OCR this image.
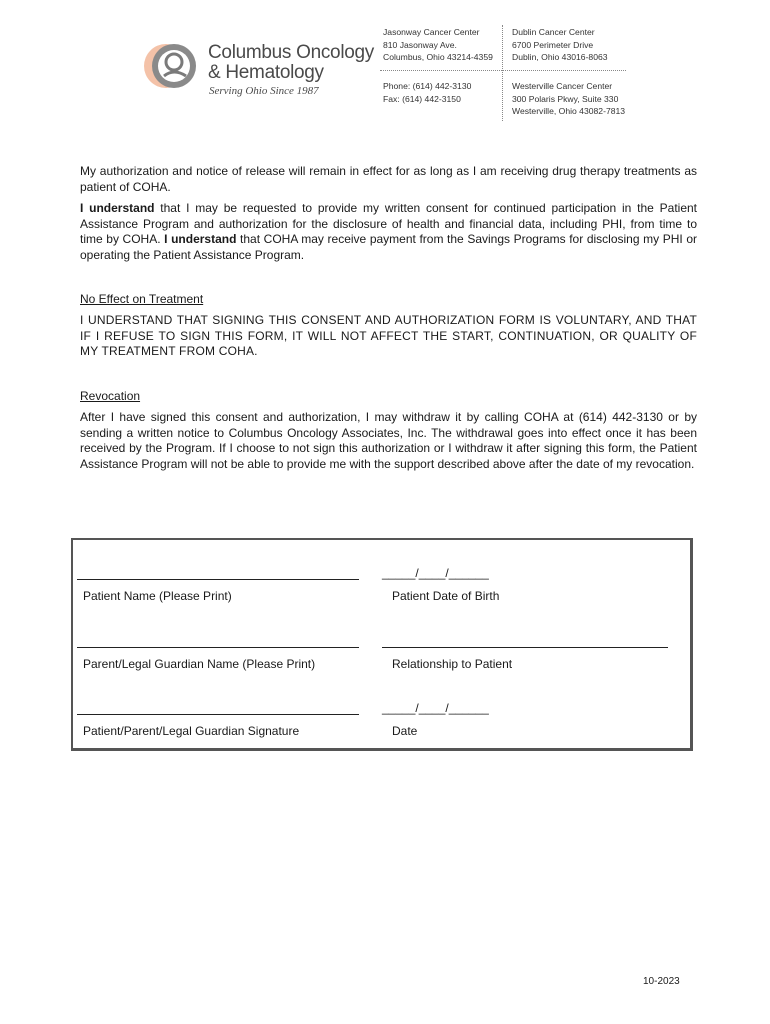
Columbus Oncology
& Hematology
Serving Ohio Since 1987
Jasonway Cancer Center
810 Jasonway Ave.
Columbus, Ohio 43214-4359
Dublin Cancer Center
6700 Perimeter Drive
Dublin, Ohio 43016-8063
Phone: (614) 442-3130
Fax: (614) 442-3150
Westerville Cancer Center
300 Polaris Pkwy, Suite 330
Westerville, Ohio 43082-7813
My authorization and notice of release will remain in effect for as long as I am receiving drug therapy treatments as patient of COHA.
I understand that I may be requested to provide my written consent for continued participation in the Patient Assistance Program and authorization for the disclosure of health and financial data, including PHI, from time to time by COHA. I understand that COHA may receive payment from the Savings Programs for disclosing my PHI or operating the Patient Assistance Program.
No Effect on Treatment
I UNDERSTAND THAT SIGNING THIS CONSENT AND AUTHORIZATION FORM IS VOLUNTARY, AND THAT IF I REFUSE TO SIGN THIS FORM, IT WILL NOT AFFECT THE START, CONTINUATION, OR QUALITY OF MY TREATMENT FROM COHA.
Revocation
After I have signed this consent and authorization, I may withdraw it by calling COHA at (614) 442-3130 or by sending a written notice to Columbus Oncology Associates, Inc. The withdrawal goes into effect once it has been received by the Program. If I choose to not sign this authorization or I withdraw it after signing this form, the Patient Assistance Program will not be able to provide me with the support described above after the date of my revocation.
_____/____/______
Patient Name (Please Print)	Patient Date of Birth
Parent/Legal Guardian Name (Please Print)	Relationship to Patient
_____/____/______
Patient/Parent/Legal Guardian Signature	Date
10-2023
